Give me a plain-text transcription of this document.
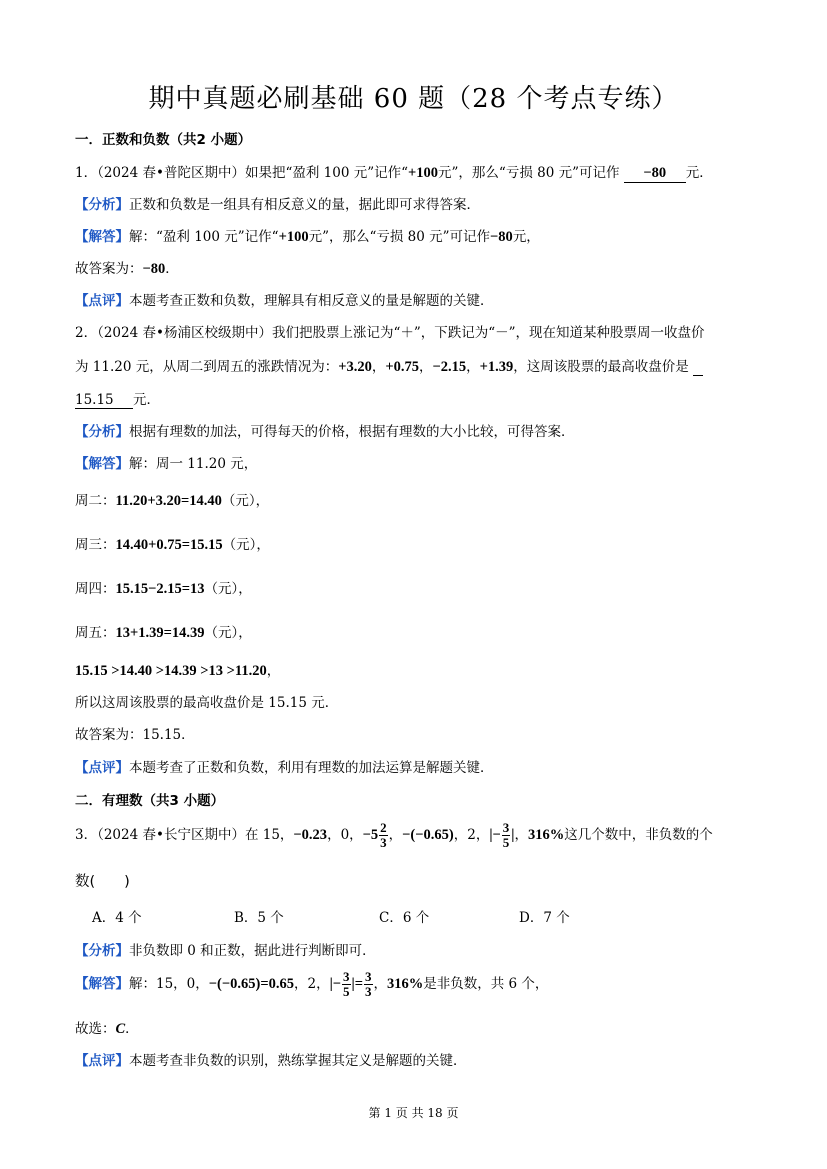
期中真题必刷基础 60 题（28 个考点专练）
一．正数和负数（共2 小题）
1．（2024 春•普陀区期中）如果把“盈利 100 元”记作“+100元”，那么“亏损 80 元”可记作 −80 元．
【分析】正数和负数是一组具有相反意义的量，据此即可求得答案．
【解答】解：“盈利 100 元”记作“+100元”，那么“亏损 80 元”可记作−80元，
故答案为：−80．
【点评】本题考查正数和负数，理解具有相反意义的量是解题的关键．
2．（2024 春•杨浦区校级期中）我们把股票上涨记为“＋”，下跌记为“－”，现在知道某种股票周一收盘价
为 11.20 元，从周二到周五的涨跌情况为：+3.20，+0.75，−2.15，+1.39，这周该股票的最高收盘价是
15.15 元．
【分析】根据有理数的加法，可得每天的价格，根据有理数的大小比较，可得答案．
【解答】解：周一 11.20 元，
周二：11.20+3.20=14.40（元），
周三：14.40+0.75=15.15（元），
周四：15.15−2.15=13（元），
周五：13+1.39=14.39（元），
15.15 >14.40 >14.39 >13 >11.20，
所以这周该股票的最高收盘价是 15.15 元．
故答案为：15.15．
【点评】本题考查了正数和负数，利用有理数的加法运算是解题关键．
二．有理数（共3 小题）
3．（2024 春•长宁区期中）在 15，−0.23，0，$-5 \frac{2}{3}$ ，−(−0.65)，2，|− $\frac{3}{5}$ |，316%这几个数中，非负数的个
数(　　)
A．4 个	B．5 个	C．6 个	D．7 个
【分析】非负数即 0 和正数，据此进行判断即可．
【解答】解：15，0，−(−0.65)=0.65，2，|− $\frac{3}{5}$ |= $\frac{3}{3}$ ，316%是非负数，共 6 个，
故选：C．
【点评】本题考查非负数的识别，熟练掌握其定义是解题的关键．
第 1 页 共 18 页
